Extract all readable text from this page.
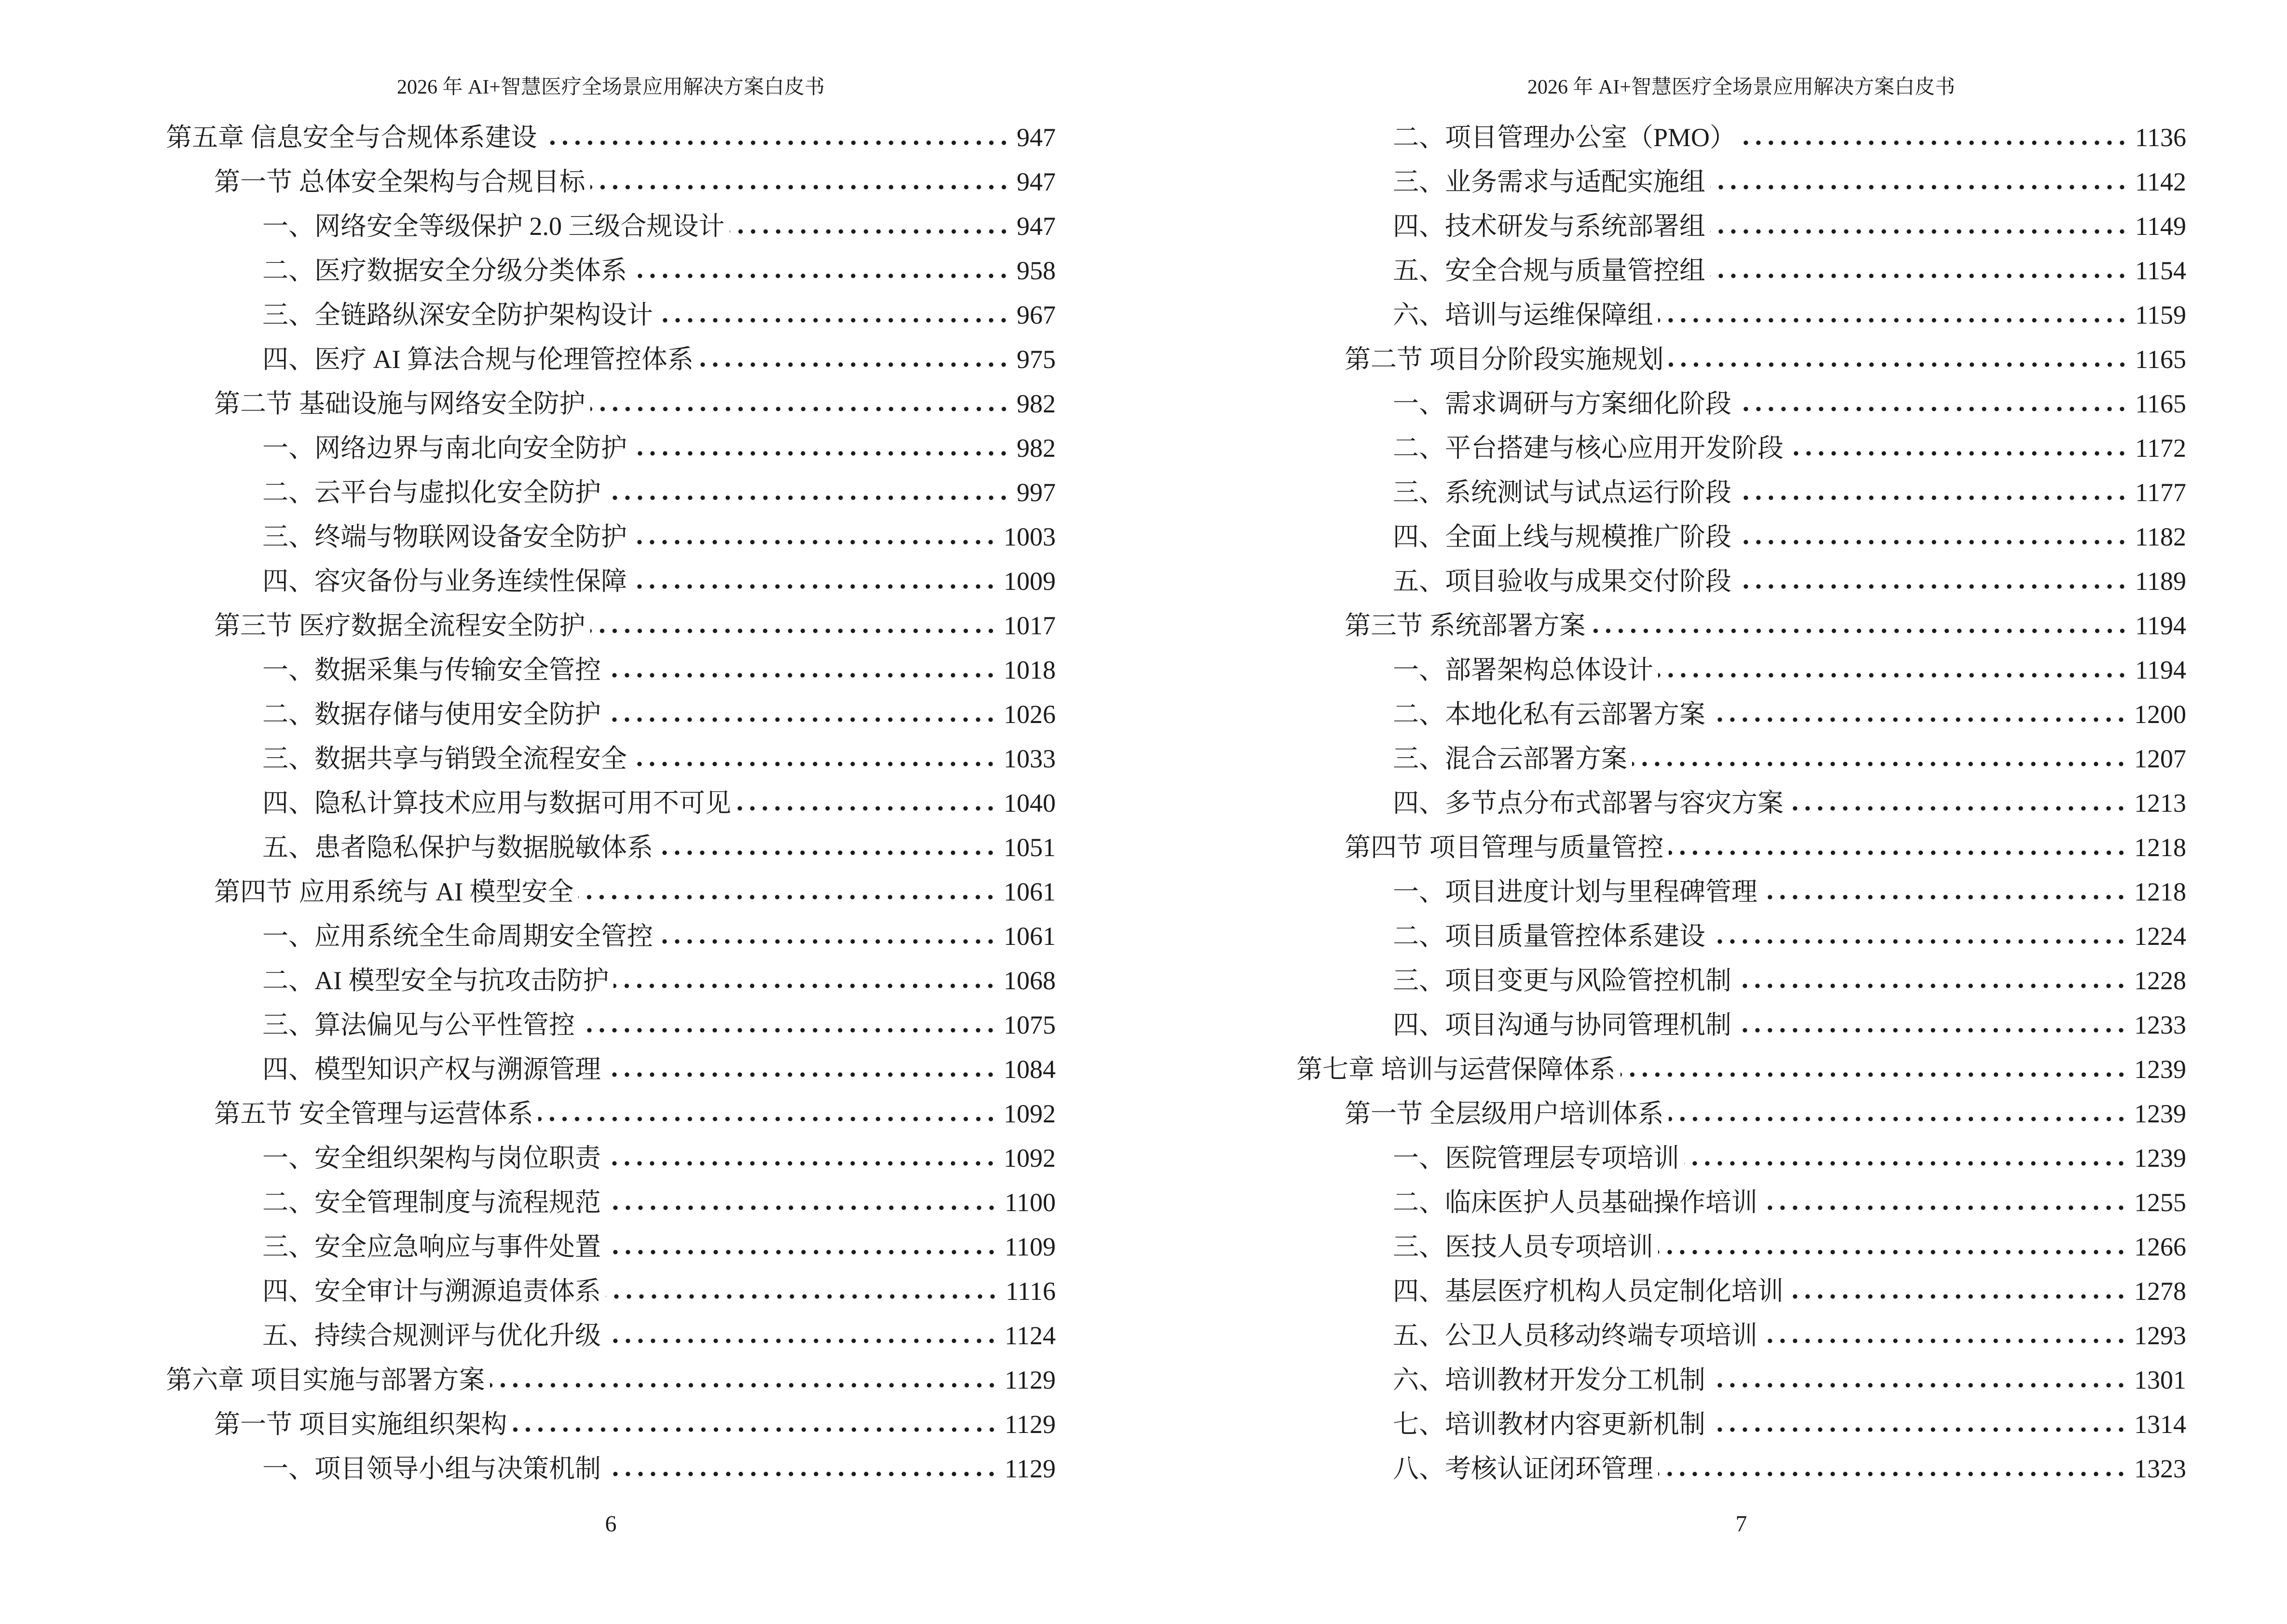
2026 年 AI+智慧医疗全场景应用解决方案白皮书
第五章 信息安全与合规体系建设	947
第一节 总体安全架构与合规目标	947
一、网络安全等级保护 2.0 三级合规设计	947
二、医疗数据安全分级分类体系	958
三、全链路纵深安全防护架构设计	967
四、医疗 AI 算法合规与伦理管控体系	975
第二节 基础设施与网络安全防护	982
一、网络边界与南北向安全防护	982
二、云平台与虚拟化安全防护	997
三、终端与物联网设备安全防护	1003
四、容灾备份与业务连续性保障	1009
第三节 医疗数据全流程安全防护	1017
一、数据采集与传输安全管控	1018
二、数据存储与使用安全防护	1026
三、数据共享与销毁全流程安全	1033
四、隐私计算技术应用与数据可用不可见	1040
五、患者隐私保护与数据脱敏体系	1051
第四节 应用系统与 AI 模型安全	1061
一、应用系统全生命周期安全管控	1061
二、AI 模型安全与抗攻击防护	1068
三、算法偏见与公平性管控	1075
四、模型知识产权与溯源管理	1084
第五节 安全管理与运营体系	1092
一、安全组织架构与岗位职责	1092
二、安全管理制度与流程规范	1100
三、安全应急响应与事件处置	1109
四、安全审计与溯源追责体系	1116
五、持续合规测评与优化升级	1124
第六章 项目实施与部署方案	1129
第一节 项目实施组织架构	1129
一、项目领导小组与决策机制	1129
6
2026 年 AI+智慧医疗全场景应用解决方案白皮书
二、项目管理办公室（PMO）	1136
三、业务需求与适配实施组	1142
四、技术研发与系统部署组	1149
五、安全合规与质量管控组	1154
六、培训与运维保障组	1159
第二节 项目分阶段实施规划	1165
一、需求调研与方案细化阶段	1165
二、平台搭建与核心应用开发阶段	1172
三、系统测试与试点运行阶段	1177
四、全面上线与规模推广阶段	1182
五、项目验收与成果交付阶段	1189
第三节 系统部署方案	1194
一、部署架构总体设计	1194
二、本地化私有云部署方案	1200
三、混合云部署方案	1207
四、多节点分布式部署与容灾方案	1213
第四节 项目管理与质量管控	1218
一、项目进度计划与里程碑管理	1218
二、项目质量管控体系建设	1224
三、项目变更与风险管控机制	1228
四、项目沟通与协同管理机制	1233
第七章 培训与运营保障体系	1239
第一节 全层级用户培训体系	1239
一、医院管理层专项培训	1239
二、临床医护人员基础操作培训	1255
三、医技人员专项培训	1266
四、基层医疗机构人员定制化培训	1278
五、公卫人员移动终端专项培训	1293
六、培训教材开发分工机制	1301
七、培训教材内容更新机制	1314
八、考核认证闭环管理	1323
7
